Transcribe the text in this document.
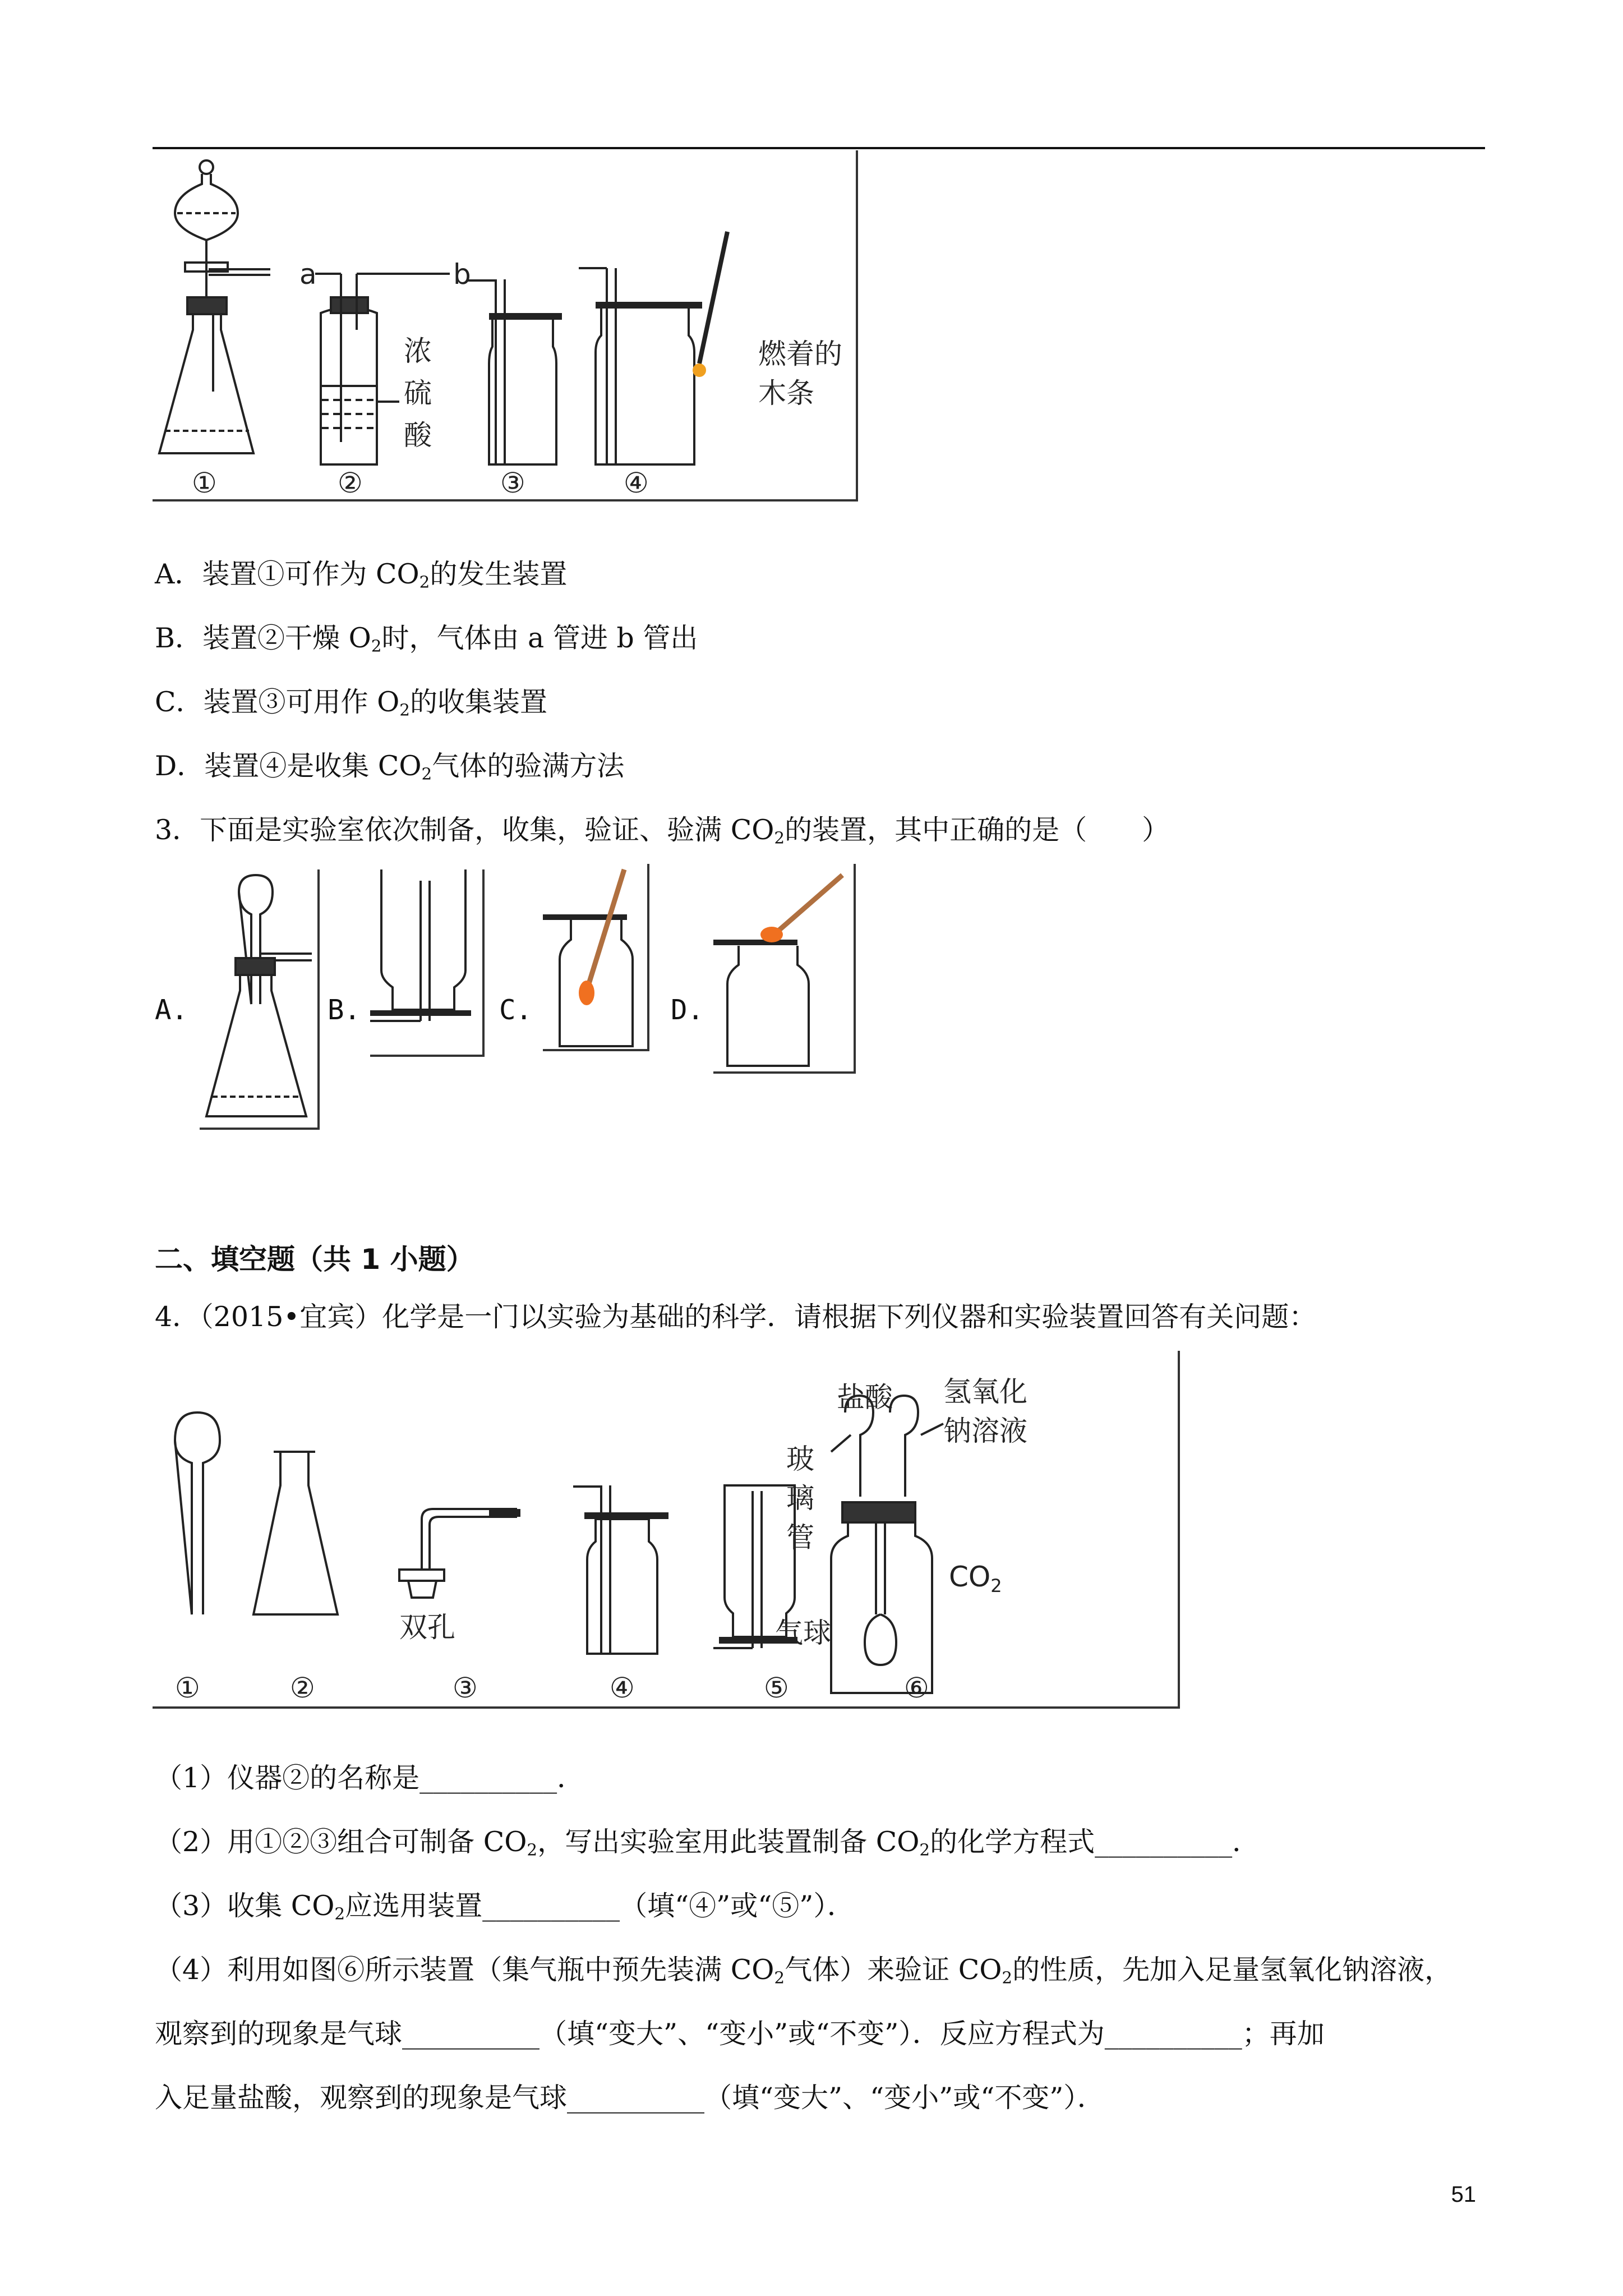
a	b
浓
硫
酸
燃着的
木条
①	②	③	④
A．装置①可作为 $CO_2$的发生装置
B．装置②干燥 $O_2$时，气体由 a 管进 b 管出
C．装置③可用作 $O_2$的收集装置
D．装置④是收集 $CO_2$气体的验满方法
3．下面是实验室依次制备，收集，验证、验满 $CO_2$的装置，其中正确的是（　　）
A.	B.	C.	D.
二、填空题（共 1 小题）
4．（2015•宜宾）化学是一门以实验为基础的科学．请根据下列仪器和实验装置回答有关问题：
双孔
盐酸 氢氧化
钠溶液
玻
璃
管
$CO_2$
气球
①	②	③	④	⑤	⑥
（1）仪器②的名称是__________．
（2）用①②③组合可制备 $CO_2$，写出实验室用此装置制备 $CO_2$的化学方程式__________．
（3）收集 $CO_2$应选用装置__________（填“④”或“⑤”）．
（4）利用如图⑥所示装置（集气瓶中预先装满 $CO_2$气体）来验证 $CO_2$的性质，先加入足量氢氧化钠溶液，
观察到的现象是气球__________（填“变大”、“变小”或“不变”）．反应方程式为__________；再加
入足量盐酸，观察到的现象是气球__________（填“变大”、“变小”或“不变”）．
51
